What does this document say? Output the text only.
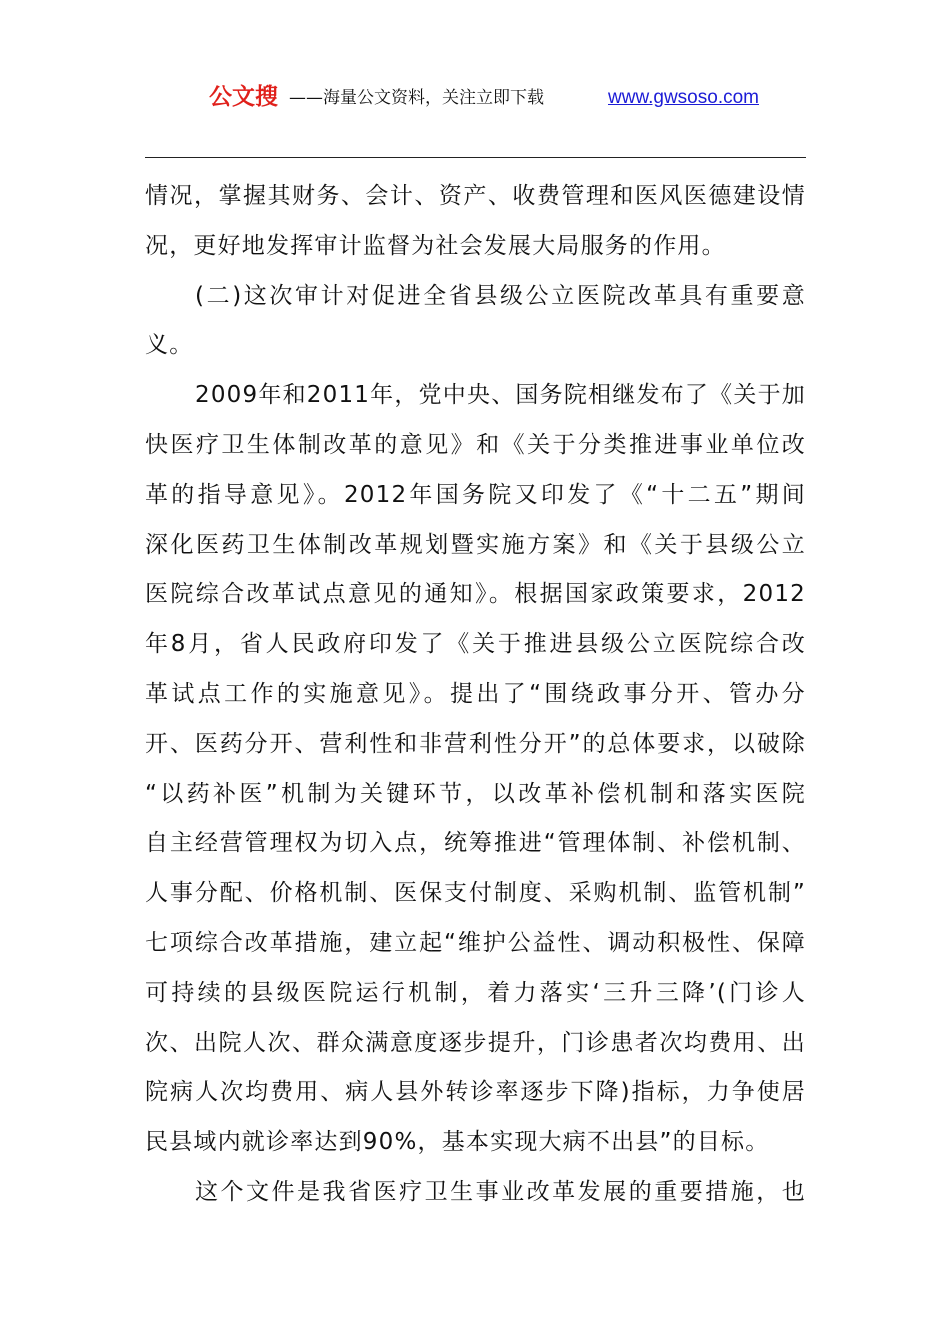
公文搜 ——海量公文资料，关注立即下载	www.gwsoso.com
情况，掌握其财务、会计、资产、收费管理和医风医德建设情
况，更好地发挥审计监督为社会发展大局服务的作用。
(二)这次审计对促进全省县级公立医院改革具有重要意
义。
2009年和2011年，党中央、国务院相继发布了《关于加
快医疗卫生体制改革的意见》和《关于分类推进事业单位改
革的指导意见》。2012年国务院又印发了《“十二五”期间
深化医药卫生体制改革规划暨实施方案》和《关于县级公立
医院综合改革试点意见的通知》。根据国家政策要求，2012
年8月，省人民政府印发了《关于推进县级公立医院综合改
革试点工作的实施意见》。提出了“围绕政事分开、管办分
开、医药分开、营利性和非营利性分开”的总体要求，以破除
“以药补医”机制为关键环节，以改革补偿机制和落实医院
自主经营管理权为切入点，统筹推进“管理体制、补偿机制、
人事分配、价格机制、医保支付制度、采购机制、监管机制”
七项综合改革措施，建立起“维护公益性、调动积极性、保障
可持续的县级医院运行机制，着力落实‘三升三降’(门诊人
次、出院人次、群众满意度逐步提升，门诊患者次均费用、出
院病人次均费用、病人县外转诊率逐步下降)指标，力争使居
民县域内就诊率达到90%，基本实现大病不出县”的目标。
这个文件是我省医疗卫生事业改革发展的重要措施，也
